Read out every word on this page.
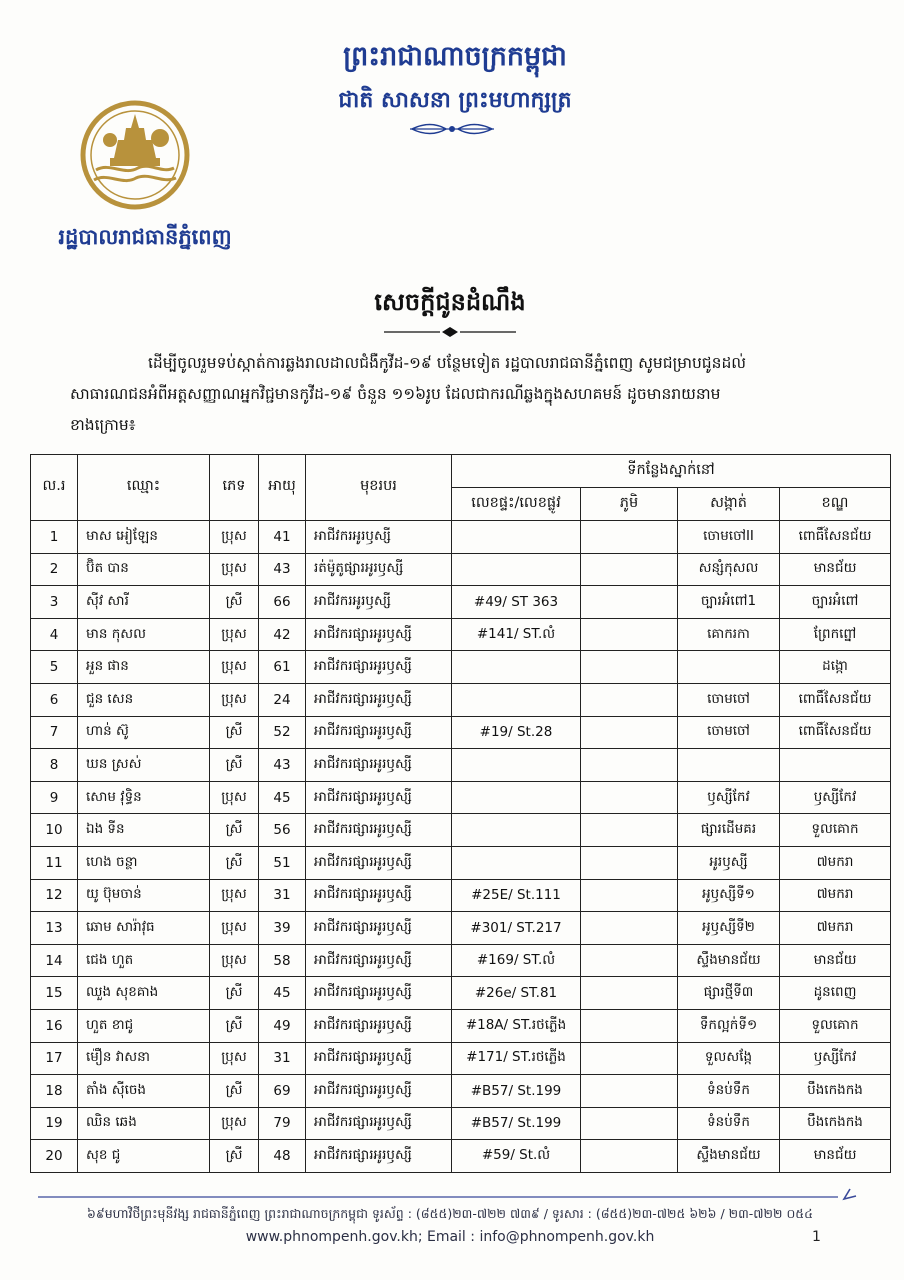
ព្រះរាជាណាចក្រកម្ពុជា
ជាតិ សាសនា ព្រះមហាក្សត្រ
រដ្ឋបាលរាជធានីភ្នំពេញ
សេចក្ដីជូនដំណឹង
ដើម្បីចូលរួមទប់ស្កាត់ការឆ្លងរាលដាលជំងឺកូវីដ-១៩ បន្ថែមទៀត រដ្ឋបាលរាជធានីភ្នំពេញ សូមជម្រាបជូនដល់
សាធារណជនអំពីអត្តសញ្ញាណអ្នកវិជ្ជមានកូវីដ-១៩ ចំនួន ១១៦រូប ដែលជាករណីឆ្លងក្នុងសហគមន៍ ដូចមានរាយនាម
ខាងក្រោម៖
ល.រ	ឈ្មោះ	ភេទ	អាយុ	មុខរបរ	ទីកន្លែងស្នាក់នៅ			
					លេខផ្ទះ/លេខផ្លូវ	ភូមិ	សង្កាត់	ខណ្ឌ
1	មាស អៀឡែន	ប្រុស	41	អាជីវករអូរឫស្សី			ចោមចៅII	ពោធិ៍សែនជ័យ
2	ប៊ិត បាន	ប្រុស	43	រត់ម៉ូតូផ្សារអូរឫស្សី			សន្សំកុសល	មានជ័យ
3	ស៊ីវ សារី	ស្រី	66	អាជីវករអូរឫស្សី	#49/ ST 363		ច្បារអំពៅ1	ច្បារអំពៅ
4	មាន កុសល	ប្រុស	42	អាជីវករផ្សារអូរឫស្សី	#141/ ST.លំ		គោករកា	ព្រែកព្នៅ
5	អួន ផាន	ប្រុស	61	អាជីវករផ្សារអូរឫស្សី				ដង្កោ
6	ជួន សេន	ប្រុស	24	អាជីវករផ្សារអូរឫស្សី			ចោមចៅ	ពោធិ៍សែនជ័យ
7	ហាន់ ស៊ូ	ស្រី	52	អាជីវករផ្សារអូរឫស្សី	#19/ St.28		ចោមចៅ	ពោធិ៍សែនជ័យ
8	ឃន ស្រស់	ស្រី	43	អាជីវករផ្សារអូរឫស្សី				
9	សោម វុទ្ធិន	ប្រុស	45	អាជីវករផ្សារអូរឫស្សី			ឫស្សីកែវ	ឫស្សីកែវ
10	ឯង ទីន	ស្រី	56	អាជីវករផ្សារអូរឫស្សី			ផ្សារដើមគរ	ទួលគោក
11	ហេង ចន្ថា	ស្រី	51	អាជីវករផ្សារអូរឫស្សី			អូរឫស្សី	៧មករា
12	យូ ប៊ុមចាន់	ប្រុស	31	អាជីវករផ្សារអូរឫស្សី	#25E/ St.111		អូឫស្សីទី១	៧មករា
13	ឆោម សារ៉ាវុធ	ប្រុស	39	អាជីវករផ្សារអូរឫស្សី	#301/ ST.217		អូឫស្សីទី២	៧មករា
14	ជេង ហួត	ប្រុស	58	អាជីវករផ្សារអូរឫស្សី	#169/ ST.លំ		ស្ទឹងមានជ័យ	មានជ័យ
15	ឈួង សុខគាង	ស្រី	45	អាជីវករផ្សារអូរឫស្សី	#26e/ ST.81		ផ្សារថ្មីទី៣	ដូនពេញ
16	ហួត ខាជូ	ស្រី	49	អាជីវករផ្សារអូរឫស្សី	#18A/ ST.រថភ្លើង		ទឹកល្អក់ទី១	ទួលគោក
17	ម៉ឿន វាសនា	ប្រុស	31	អាជីវករផ្សារអូរឫស្សី	#171/ ST.រថភ្លើង		ទួលសង្កែ	ឫស្សីកែវ
18	តាំង ស៊ីចេង	ស្រី	69	អាជីវករផ្សារអូរឫស្សី	#B57/ St.199		ទំនប់ទឹក	បឹងកេងកង
19	ឈិន ឆេង	ប្រុស	79	អាជីវករផ្សារអូរឫស្សី	#B57/ St.199		ទំនប់ទឹក	បឹងកេងកង
20	សុខ ជូ	ស្រី	48	អាជីវករផ្សារអូរឫស្សី	#59/ St.លំ		ស្ទឹងមានជ័យ	មានជ័យ
៦៩មហាវិថីព្រះមុនីវង្ស រាជធានីភ្នំពេញ ព្រះរាជាណាចក្រកម្ពុជា ទូរស័ព្ទ : (៨៥៥)២៣-៧២២ ៧៣៩ / ទូរសារ : (៨៥៥)២៣-៧២៥ ៦២៦ / ២៣-៧២២ ០៥៤
www.phnompenh.gov.kh; Email : info@phnompenh.gov.kh	1
